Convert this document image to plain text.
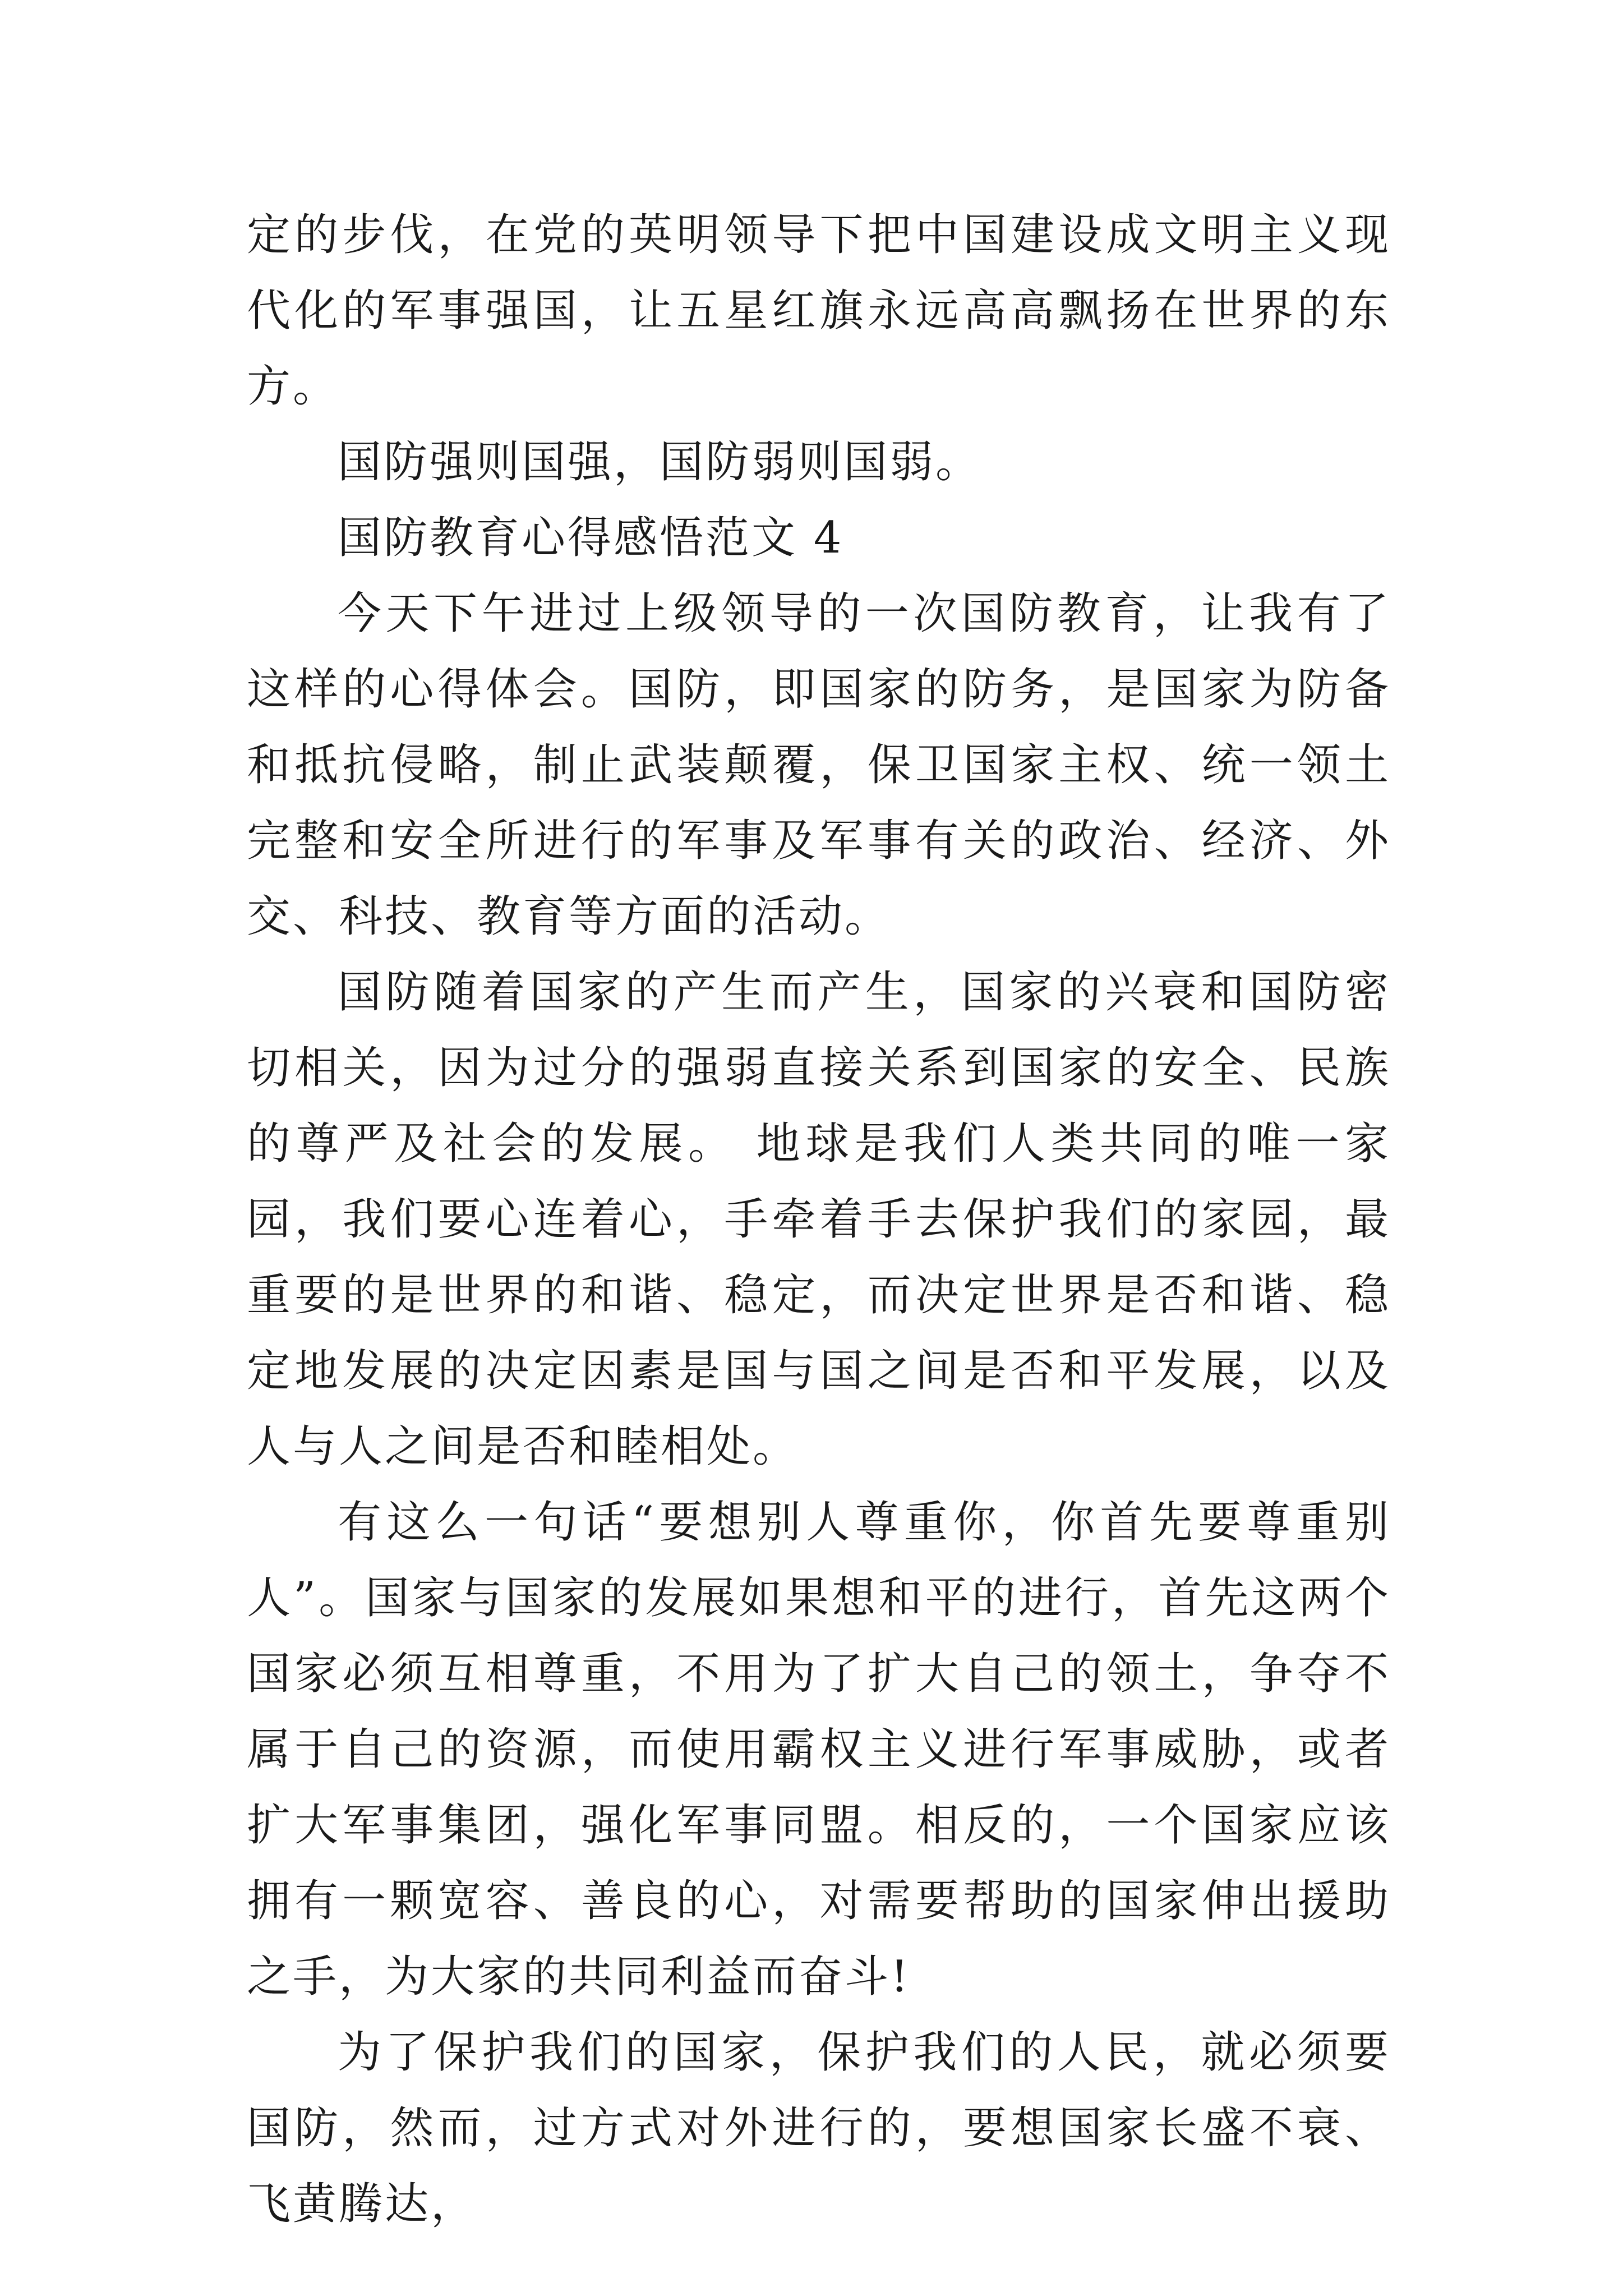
定的步伐，在党的英明领导下把中国建设成文明主义现代化的军事强国，让五星红旗永远高高飘扬在世界的东方。

国防强则国强，国防弱则国弱。

国防教育心得感悟范文 4

今天下午进过上级领导的一次国防教育，让我有了这样的心得体会。国防，即国家的防务，是国家为防备和抵抗侵略，制止武装颠覆，保卫国家主权、统一领土完整和安全所进行的军事及军事有关的政治、经济、外交、科技、教育等方面的活动。

国防随着国家的产生而产生，国家的兴衰和国防密切相关，因为过分的强弱直接关系到国家的安全、民族的尊严及社会的发展。 地球是我们人类共同的唯一家园，我们要心连着心，手牵着手去保护我们的家园，最重要的是世界的和谐、稳定，而决定世界是否和谐、稳定地发展的决定因素是国与国之间是否和平发展，以及人与人之间是否和睦相处。

有这么一句话“要想别人尊重你，你首先要尊重别人”。国家与国家的发展如果想和平的进行，首先这两个国家必须互相尊重，不用为了扩大自己的领土，争夺不属于自己的资源，而使用霸权主义进行军事威胁，或者扩大军事集团，强化军事同盟。相反的，一个国家应该拥有一颗宽容、善良的心，对需要帮助的国家伸出援助之手，为大家的共同利益而奋斗!

为了保护我们的国家，保护我们的人民，就必须要国防，然而，过方式对外进行的，要想国家长盛不衰、飞黄腾达，
